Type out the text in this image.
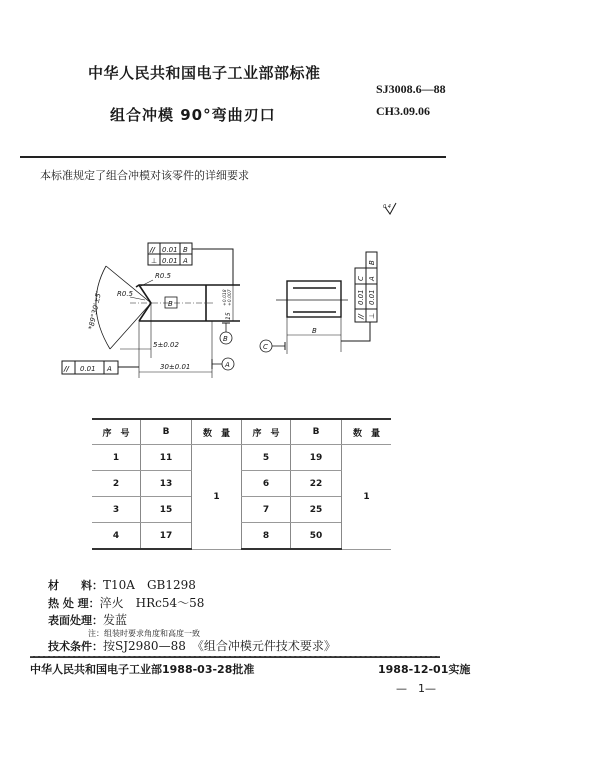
中华人民共和国电子工业部部标准
SJ3008.6—88
CH3.09.06
组合冲模 90°弯曲刃口
本标准规定了组合冲模对该零件的详细要求
0.4
// 0.01 B
⊥ 0.01 A
B
*89°30'±5'
R0.5
R0.5
15
+0.018 +0.007
B
5±0.02
30±0.01	A
// 0.01 A
B
C
//
0.01
C
⊥
0.01
A
B
序　号	B	数　量	序　号	B	数　量
1	11	1	5	19	1
2	13		6	22	
3	15		7	25	
4	17		8	50	
材　　料：T10A　GB1298
热 处 理：淬火　HRc54～58
表面处理：发蓝
注：组装时要求角度和高度一致
技术条件：按SJ2980—88　《组合冲模元件技术要求》
中华人民共和国电子工业部1988-03-28批准	1988-12-01实施
—　1—
